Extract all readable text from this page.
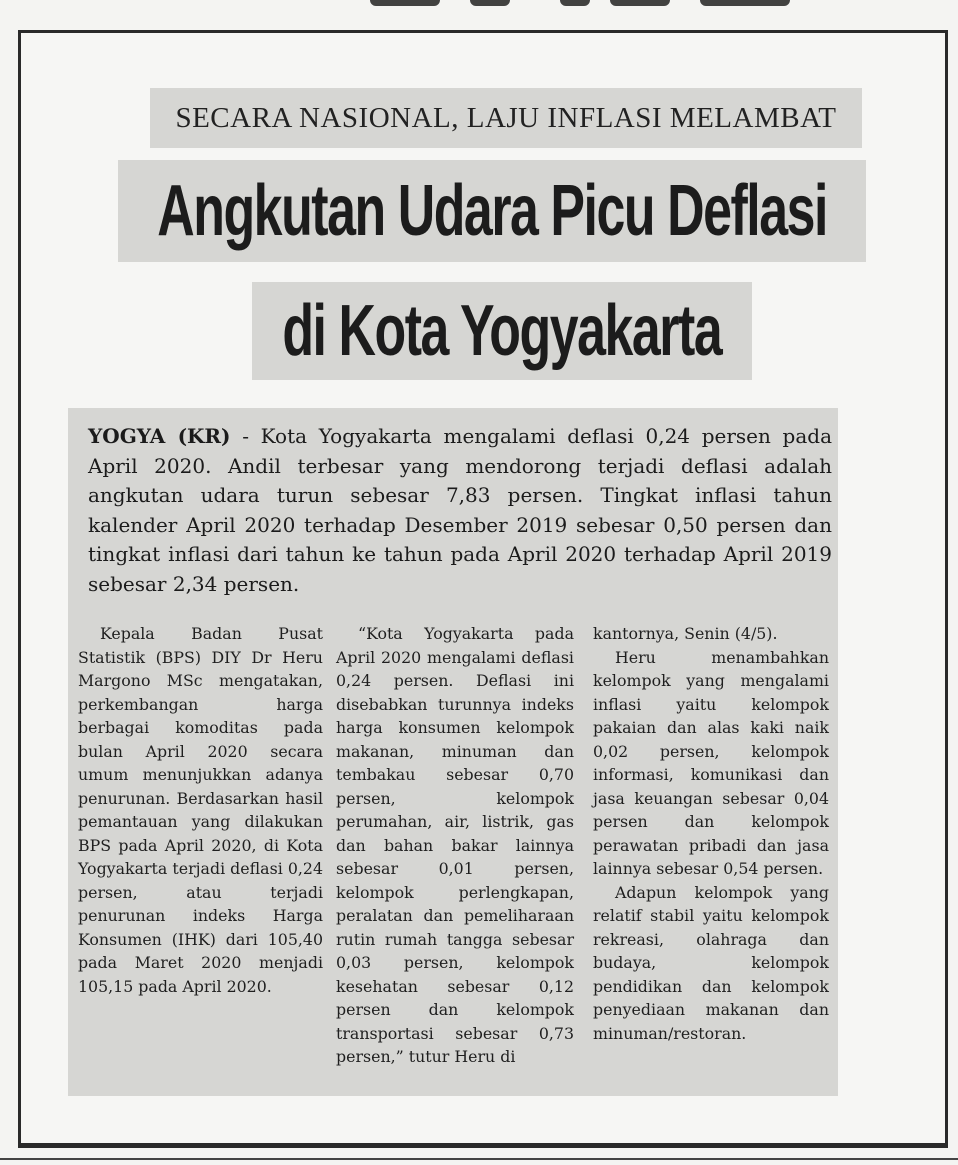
SECARA NASIONAL, LAJU INFLASI MELAMBAT
Angkutan Udara Picu Deflasi
di Kota Yogyakarta

YOGYA (KR) - Kota Yogyakarta mengalami deflasi 0,24 persen pada April 2020. Andil terbesar yang mendorong terjadi deflasi adalah angkutan udara turun sebesar 7,83 persen. Tingkat inflasi tahun kalender April 2020 terhadap Desember 2019 sebesar 0,50 persen dan tingkat inflasi dari tahun ke tahun pada April 2020 terhadap April 2019 sebesar 2,34 persen.

Kepala Badan Pusat Statistik (BPS) DIY Dr Heru Margono MSc mengatakan, perkembangan harga berbagai komoditas pada bulan April 2020 secara umum menunjukkan adanya penurunan. Berdasarkan hasil pemantauan yang dilakukan BPS pada April 2020, di Kota Yogyakarta terjadi deflasi 0,24 persen, atau terjadi penurunan indeks Harga Konsumen (IHK) dari 105,40 pada Maret 2020 menjadi 105,15 pada April 2020.

“Kota Yogyakarta pada April 2020 mengalami deflasi 0,24 persen. Deflasi ini disebabkan turunnya indeks harga konsumen kelompok makanan, minuman dan tembakau sebesar 0,70 persen, kelompok perumahan, air, listrik, gas dan bahan bakar lainnya sebesar 0,01 persen, kelompok perlengkapan, peralatan dan pemeliharaan rutin rumah tangga sebesar 0,03 persen, kelompok kesehatan sebesar 0,12 persen dan kelompok transportasi sebesar 0,73 persen,” tutur Heru di

kantornya, Senin (4/5).

Heru menambahkan kelompok yang mengalami inflasi yaitu kelompok pakaian dan alas kaki naik 0,02 persen, kelompok informasi, komunikasi dan jasa keuangan sebesar 0,04 persen dan kelompok perawatan pribadi dan jasa lainnya sebesar 0,54 persen.

Adapun kelompok yang relatif stabil yaitu kelompok rekreasi, olahraga dan budaya, kelompok pendidikan dan kelompok penyediaan makanan dan minuman/restoran.
